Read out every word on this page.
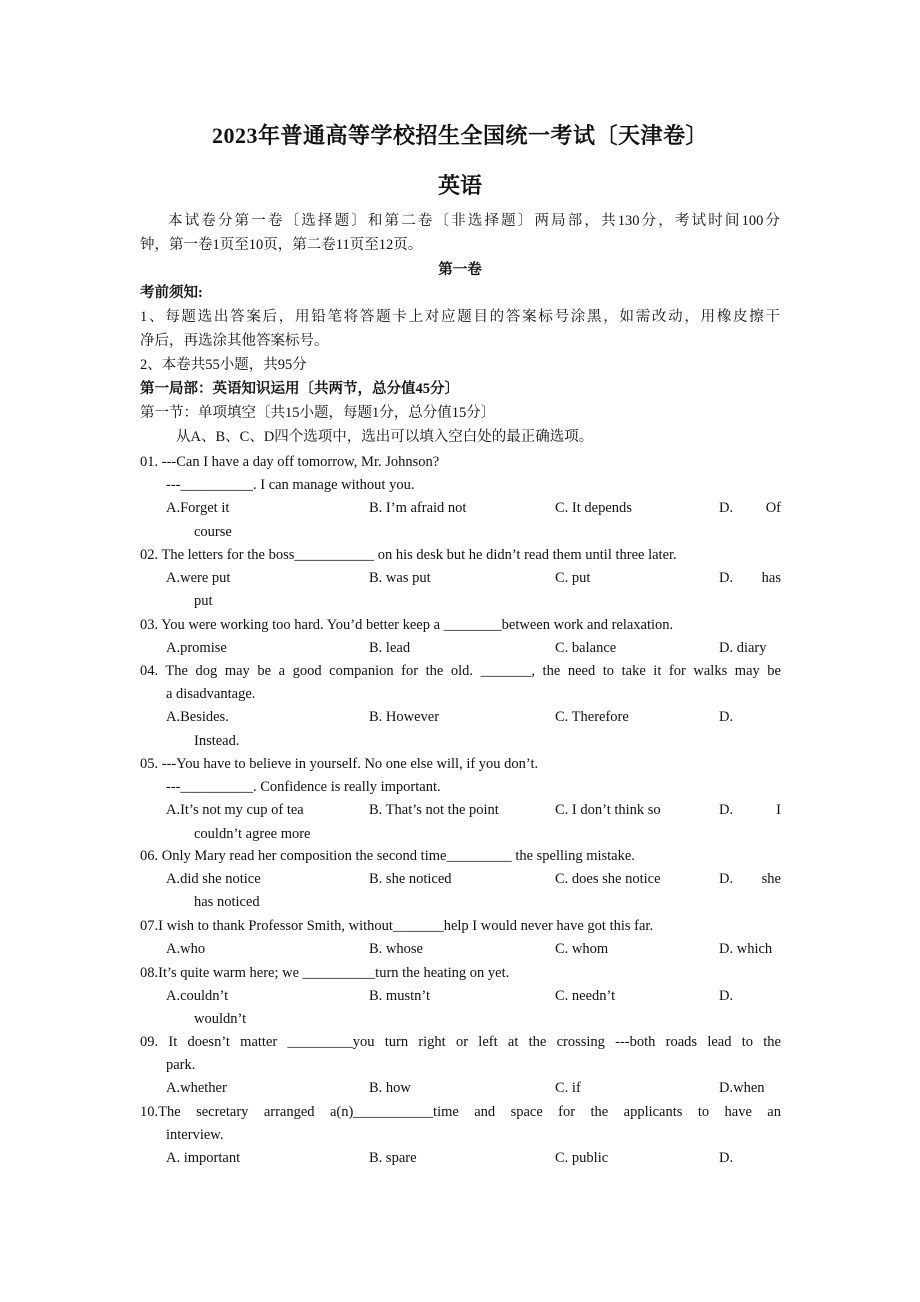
2023年普通高等学校招生全国统一考试〔天津卷〕
英语
本试卷分第一卷〔选择题〕和第二卷〔非选择题〕两局部，共130分，考试时间100分
钟，第一卷1页至10页，第二卷11页至12页。
第一卷
考前须知:
1、每题选出答案后，用铅笔将答题卡上对应题目的答案标号涂黑，如需改动，用橡皮擦干
净后，再选涂其他答案标号。
2、本卷共55小题，共95分
第一局部：英语知识运用〔共两节，总分值45分〕
第一节：单项填空〔共15小题，每题1分，总分值15分〕
从A、B、C、D四个选项中，选出可以填入空白处的最正确选项。
01. ---Can I have a day off tomorrow, Mr. Johnson?
---__________. I can manage without you.
A.Forget it	B. I’m afraid not	C. It depends	D.	Of
course
02. The letters for the boss___________ on his desk but he didn’t read them until three later.
A.were put	B. was put	C. put	D.	has
put
03. You were working too hard. You’d better keep a ________between work and relaxation.
A.promise	B. lead	C. balance	D. diary
04. The dog may be a good companion for the old. _______, the need to take it for walks may be
a disadvantage.
A.Besides.	B. However	C. Therefore	D.
Instead.
05. ---You have to believe in yourself. No one else will, if you don’t.
---__________. Confidence is really important.
A.It’s not my cup of tea	B. That’s not the point	C. I don’t think so	D.	I
couldn’t agree more
06. Only Mary read her composition the second time_________ the spelling mistake.
A.did she notice	B. she noticed	C. does she notice	D.	she
has noticed
07.I wish to thank Professor Smith, without_______help I would never have got this far.
A.who	B. whose	C. whom	D. which
08.It’s quite warm here; we __________turn the heating on yet.
A.couldn’t	B. mustn’t	C. needn’t	D.
wouldn’t
09. It doesn’t matter _________you turn right or left at the crossing ---both roads lead to the
park.
A.whether	B. how	C. if	D.when
10.The secretary arranged a(n)___________time and space for the applicants to have an
interview.
A. important	B. spare	C. public	D.
